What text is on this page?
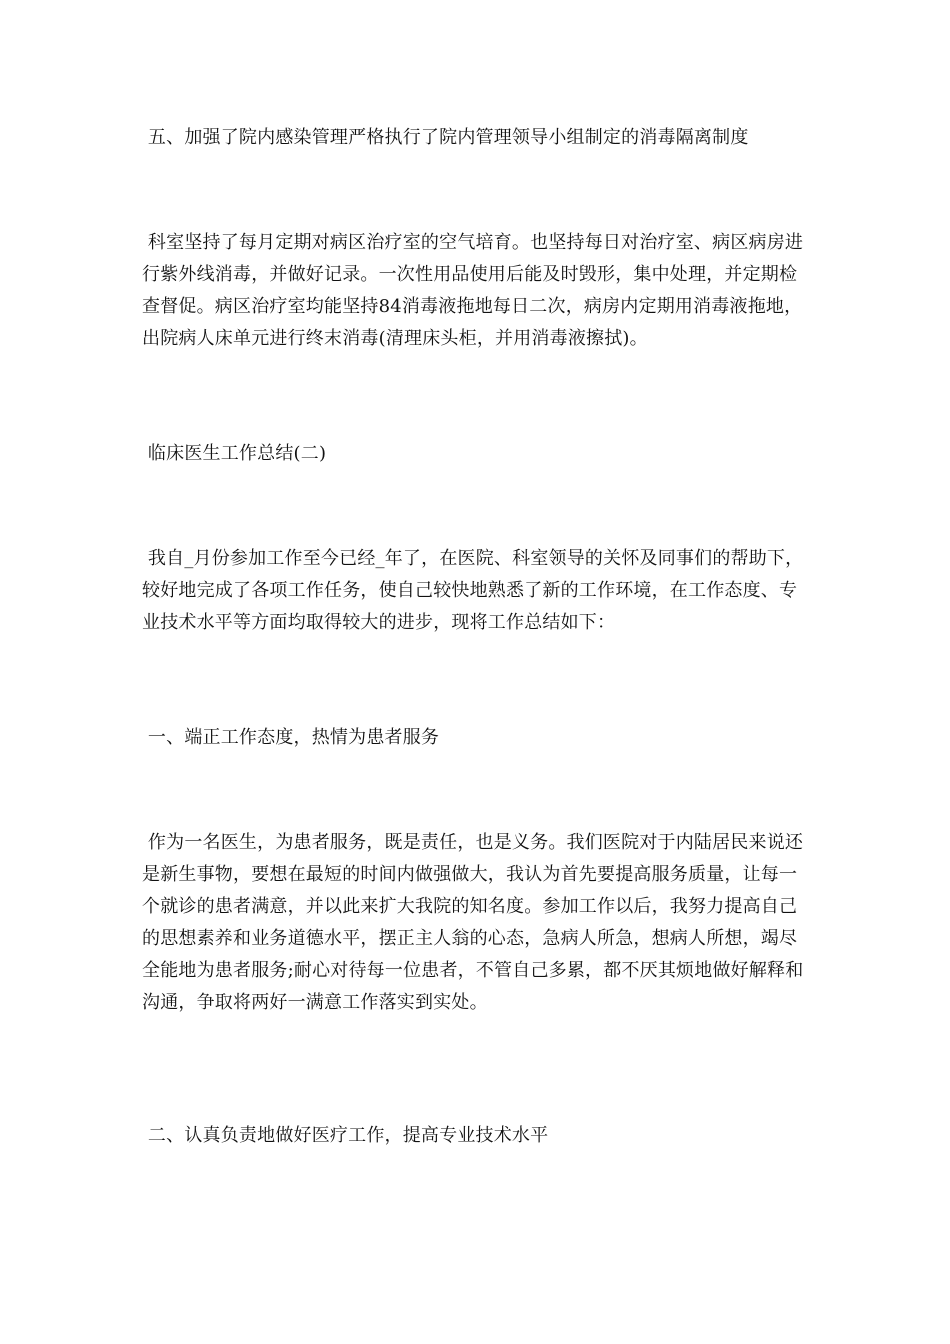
五、加强了院内感染管理严格执行了院内管理领导小组制定的消毒隔离制度
科室坚持了每月定期对病区治疗室的空气培育。也坚持每日对治疗室、病区病房进行紫外线消毒，并做好记录。一次性用品使用后能及时毁形，集中处理，并定期检查督促。病区治疗室均能坚持84消毒液拖地每日二次，病房内定期用消毒液拖地，出院病人床单元进行终末消毒(清理床头柜，并用消毒液擦拭)。
临床医生工作总结(二)
我自_月份参加工作至今已经_年了，在医院、科室领导的关怀及同事们的帮助下，较好地完成了各项工作任务，使自己较快地熟悉了新的工作环境，在工作态度、专业技术水平等方面均取得较大的进步，现将工作总结如下：
一、端正工作态度，热情为患者服务
作为一名医生，为患者服务，既是责任，也是义务。我们医院对于内陆居民来说还是新生事物，要想在最短的时间内做强做大，我认为首先要提高服务质量，让每一个就诊的患者满意，并以此来扩大我院的知名度。参加工作以后，我努力提高自己的思想素养和业务道德水平，摆正主人翁的心态，急病人所急，想病人所想，竭尽全能地为患者服务;耐心对待每一位患者，不管自己多累，都不厌其烦地做好解释和沟通，争取将两好一满意工作落实到实处。
二、认真负责地做好医疗工作，提高专业技术水平
